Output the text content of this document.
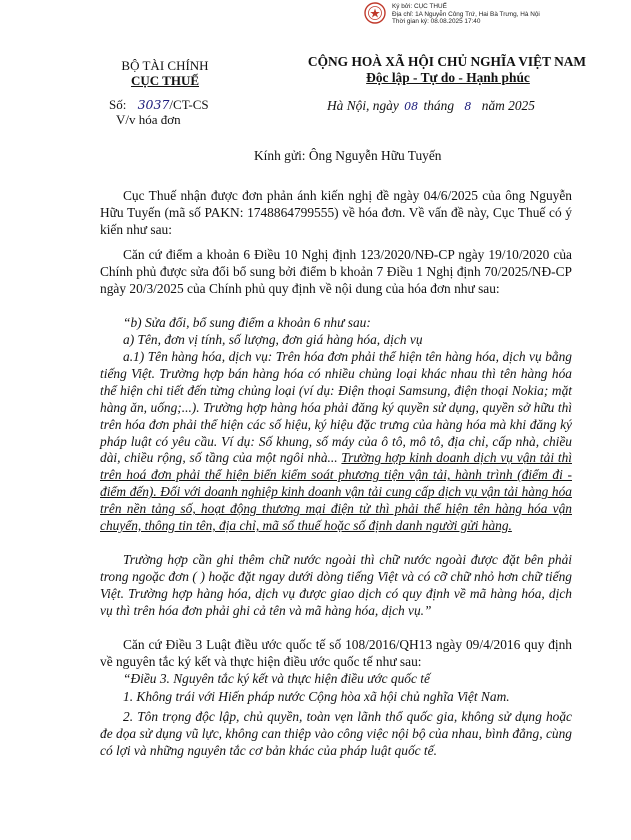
Ký bởi: CỤC THUẾ
Địa chỉ: 1A Nguyễn Công Trứ, Hai Bà Trưng, Hà Nội
Thời gian ký: 08.08.2025 17:40
BỘ TÀI CHÍNH
CỤC THUẾ
Số: 3037/CT-CS
V/v hóa đơn
CỘNG HOÀ XÃ HỘI CHỦ NGHĨA VIỆT NAM
Độc lập - Tự do - Hạnh phúc
Hà Nội, ngày 08 tháng 8 năm 2025
Kính gửi: Ông Nguyễn Hữu Tuyến
Cục Thuế nhận được đơn phản ánh kiến nghị đề ngày 04/6/2025 của ông Nguyễn Hữu Tuyến (mã số PAKN: 1748864799555) về hóa đơn. Về vấn đề này, Cục Thuế có ý kiến như sau:
Căn cứ điểm a khoản 6 Điều 10 Nghị định 123/2020/NĐ-CP ngày 19/10/2020 của Chính phủ được sửa đổi bổ sung bởi điểm b khoản 7 Điều 1 Nghị định 70/2025/NĐ-CP ngày 20/3/2025 của Chính phủ quy định về nội dung của hóa đơn như sau:
“b) Sửa đổi, bổ sung điểm a khoản 6 như sau:
a) Tên, đơn vị tính, số lượng, đơn giá hàng hóa, dịch vụ
a.1) Tên hàng hóa, dịch vụ: Trên hóa đơn phải thể hiện tên hàng hóa, dịch vụ bằng tiếng Việt. Trường hợp bán hàng hóa có nhiều chủng loại khác nhau thì tên hàng hóa thể hiện chi tiết đến từng chủng loại (ví dụ: Điện thoại Samsung, điện thoại Nokia; mặt hàng ăn, uống;...). Trường hợp hàng hóa phải đăng ký quyền sử dụng, quyền sở hữu thì trên hóa đơn phải thể hiện các số hiệu, ký hiệu đặc trưng của hàng hóa mà khi đăng ký pháp luật có yêu cầu. Ví dụ: Số khung, số máy của ô tô, mô tô, địa chỉ, cấp nhà, chiều dài, chiều rộng, số tầng của một ngôi nhà... Trường hợp kinh doanh dịch vụ vận tải thì trên hoá đơn phải thể hiện biển kiểm soát phương tiện vận tải, hành trình (điểm đi - điểm đến). Đối với doanh nghiệp kinh doanh vận tải cung cấp dịch vụ vận tải hàng hóa trên nền tảng số, hoạt động thương mại điện tử thì phải thể hiện tên hàng hóa vận chuyển, thông tin tên, địa chỉ, mã số thuế hoặc số định danh người gửi hàng.
Trường hợp cần ghi thêm chữ nước ngoài thì chữ nước ngoài được đặt bên phải trong ngoặc đơn ( ) hoặc đặt ngay dưới dòng tiếng Việt và có cỡ chữ nhỏ hơn chữ tiếng Việt. Trường hợp hàng hóa, dịch vụ được giao dịch có quy định về mã hàng hóa, dịch vụ thì trên hóa đơn phải ghi cả tên và mã hàng hóa, dịch vụ.”
Căn cứ Điều 3 Luật điều ước quốc tế số 108/2016/QH13 ngày 09/4/2016 quy định về nguyên tắc ký kết và thực hiện điều ước quốc tế như sau:
“Điều 3. Nguyên tắc ký kết và thực hiện điều ước quốc tế
1. Không trái với Hiến pháp nước Cộng hòa xã hội chủ nghĩa Việt Nam.
2. Tôn trọng độc lập, chủ quyền, toàn vẹn lãnh thổ quốc gia, không sử dụng hoặc đe dọa sử dụng vũ lực, không can thiệp vào công việc nội bộ của nhau, bình đẳng, cùng có lợi và những nguyên tắc cơ bản khác của pháp luật quốc tế.
